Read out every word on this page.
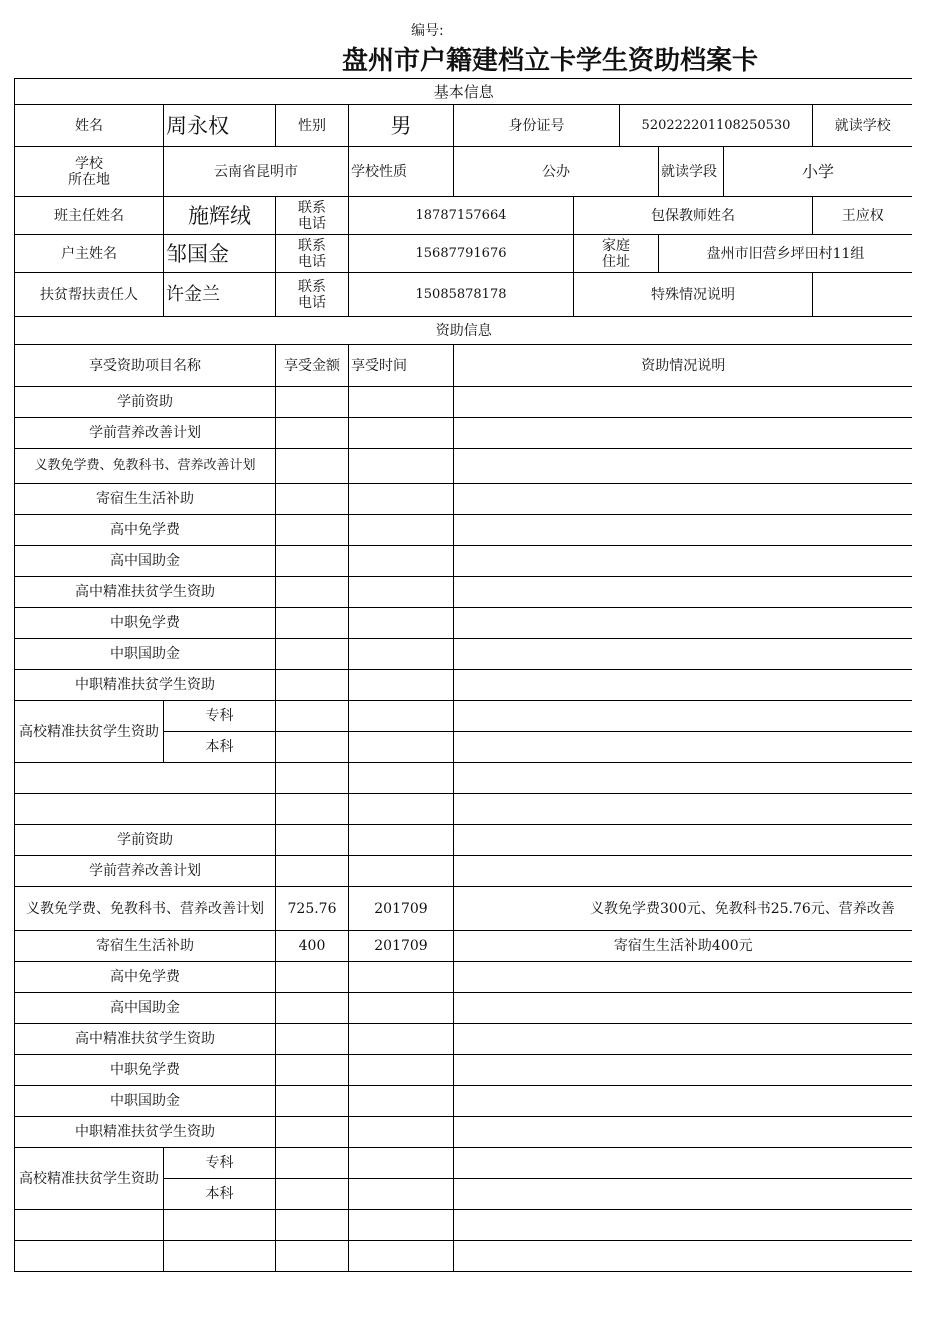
编号:
盘州市户籍建档立卡学生资助档案卡
基本信息									
姓名	周永权	性别	男	身份证号		520222201108250530			就读学校
学校
所在地	云南省昆明市		学校性质	公办			就读学段	小学	
班主任姓名	施辉绒	联系
电话	18787157664		包保教师姓名				王应权
户主姓名	邹国金	联系
电话	15687791676		家庭
住址		盘州市旧营乡坪田村11组		
扶贫帮扶责任人	许金兰	联系
电话	15085878178		特殊情况说明				
资助信息									
享受资助项目名称		享受金额	享受时间	资助情况说明					
学前资助									
学前营养改善计划									
义教免学费、免教科书、营养改善计划									
寄宿生生活补助									
高中免学费									
高中国助金									
高中精准扶贫学生资助									
中职免学费									
中职国助金									
中职精准扶贫学生资助									
高校精准扶贫学生资助	专科								
	本科								

学前资助									
学前营养改善计划									
义教免学费、免教科书、营养改善计划		725.76	201709	义教免学费300元、免教科书25.76元、营养改善					
寄宿生生活补助		400	201709	寄宿生生活补助400元					
高中免学费									
高中国助金									
高中精准扶贫学生资助									
中职免学费									
中职国助金									
中职精准扶贫学生资助									
高校精准扶贫学生资助	专科								
	本科								
